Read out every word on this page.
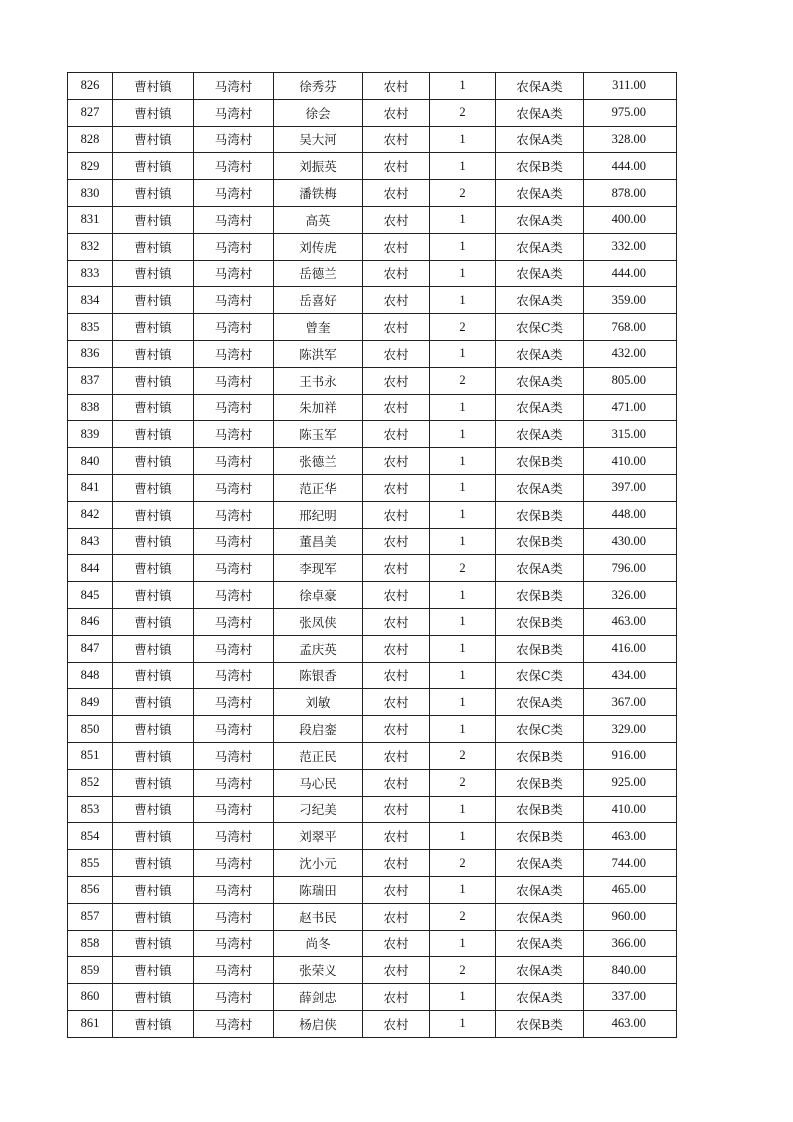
826	曹村镇	马湾村	徐秀芬	农村	1	农保A类	311.00
827	曹村镇	马湾村	徐会	农村	2	农保A类	975.00
828	曹村镇	马湾村	吴大河	农村	1	农保A类	328.00
829	曹村镇	马湾村	刘振英	农村	1	农保B类	444.00
830	曹村镇	马湾村	潘铁梅	农村	2	农保A类	878.00
831	曹村镇	马湾村	高英	农村	1	农保A类	400.00
832	曹村镇	马湾村	刘传虎	农村	1	农保A类	332.00
833	曹村镇	马湾村	岳德兰	农村	1	农保A类	444.00
834	曹村镇	马湾村	岳喜好	农村	1	农保A类	359.00
835	曹村镇	马湾村	曾奎	农村	2	农保C类	768.00
836	曹村镇	马湾村	陈洪军	农村	1	农保A类	432.00
837	曹村镇	马湾村	王书永	农村	2	农保A类	805.00
838	曹村镇	马湾村	朱加祥	农村	1	农保A类	471.00
839	曹村镇	马湾村	陈玉军	农村	1	农保A类	315.00
840	曹村镇	马湾村	张德兰	农村	1	农保B类	410.00
841	曹村镇	马湾村	范正华	农村	1	农保A类	397.00
842	曹村镇	马湾村	邢纪明	农村	1	农保B类	448.00
843	曹村镇	马湾村	董昌美	农村	1	农保B类	430.00
844	曹村镇	马湾村	李现军	农村	2	农保A类	796.00
845	曹村镇	马湾村	徐卓豪	农村	1	农保B类	326.00
846	曹村镇	马湾村	张凤侠	农村	1	农保B类	463.00
847	曹村镇	马湾村	孟庆英	农村	1	农保B类	416.00
848	曹村镇	马湾村	陈银香	农村	1	农保C类	434.00
849	曹村镇	马湾村	刘敏	农村	1	农保A类	367.00
850	曹村镇	马湾村	段启銮	农村	1	农保C类	329.00
851	曹村镇	马湾村	范正民	农村	2	农保B类	916.00
852	曹村镇	马湾村	马心民	农村	2	农保B类	925.00
853	曹村镇	马湾村	刁纪美	农村	1	农保B类	410.00
854	曹村镇	马湾村	刘翠平	农村	1	农保B类	463.00
855	曹村镇	马湾村	沈小元	农村	2	农保A类	744.00
856	曹村镇	马湾村	陈瑞田	农村	1	农保A类	465.00
857	曹村镇	马湾村	赵书民	农村	2	农保A类	960.00
858	曹村镇	马湾村	尚冬	农村	1	农保A类	366.00
859	曹村镇	马湾村	张荣义	农村	2	农保A类	840.00
860	曹村镇	马湾村	薛剑忠	农村	1	农保A类	337.00
861	曹村镇	马湾村	杨启侠	农村	1	农保B类	463.00
